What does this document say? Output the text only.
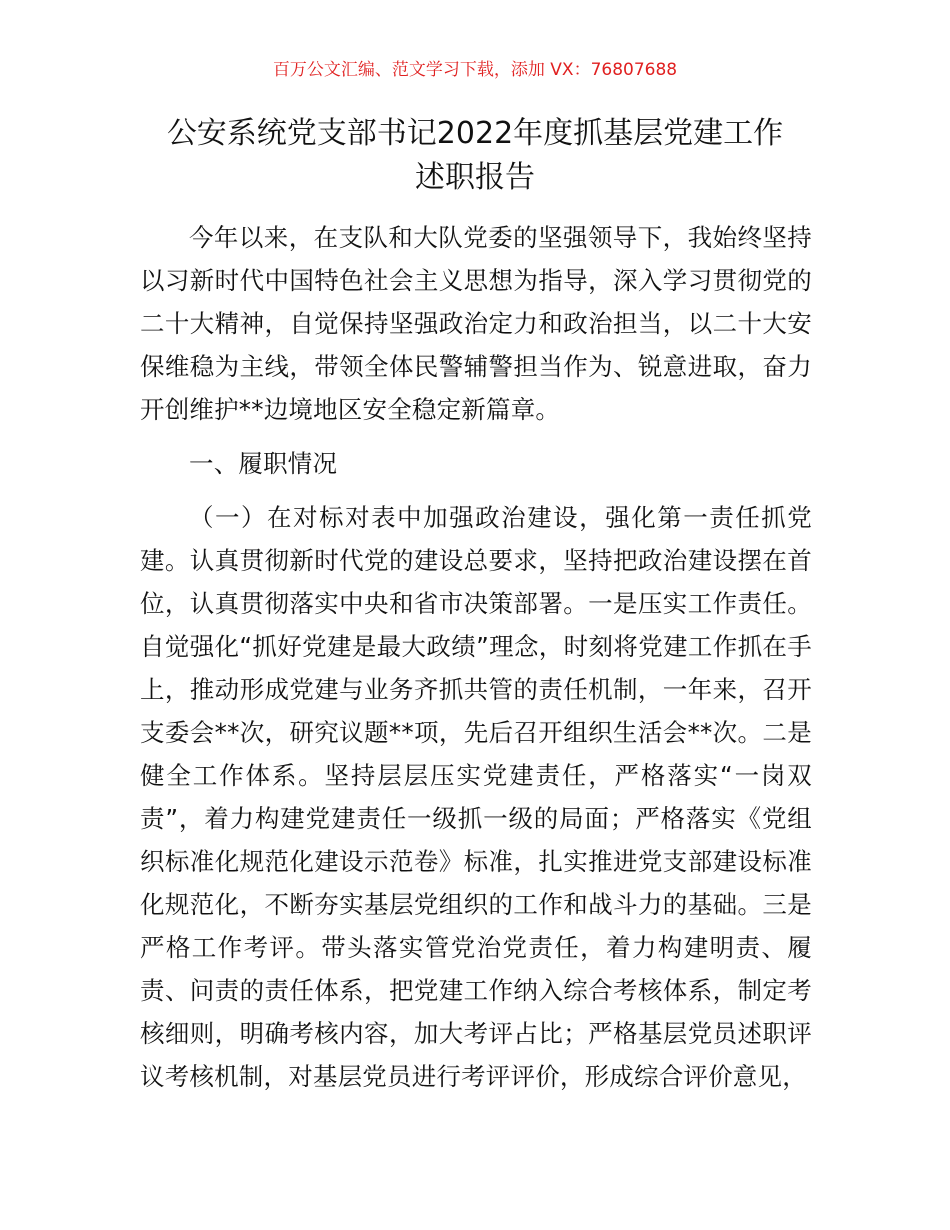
百万公文汇编、范文学习下载，添加 VX：76807688
公安系统党支部书记2022年度抓基层党建工作
述职报告

今年以来，在支队和大队党委的坚强领导下，我始终坚持以习新时代中国特色社会主义思想为指导，深入学习贯彻党的二十大精神，自觉保持坚强政治定力和政治担当，以二十大安保维稳为主线，带领全体民警辅警担当作为、锐意进取，奋力开创维护**边境地区安全稳定新篇章。

一、履职情况

（一）在对标对表中加强政治建设，强化第一责任抓党建。认真贯彻新时代党的建设总要求，坚持把政治建设摆在首位，认真贯彻落实中央和省市决策部署。一是压实工作责任。自觉强化“抓好党建是最大政绩”理念，时刻将党建工作抓在手上，推动形成党建与业务齐抓共管的责任机制，一年来，召开支委会**次，研究议题**项，先后召开组织生活会**次。二是健全工作体系。坚持层层压实党建责任，严格落实“一岗双责”，着力构建党建责任一级抓一级的局面；严格落实《党组织标准化规范化建设示范卷》标准，扎实推进党支部建设标准化规范化，不断夯实基层党组织的工作和战斗力的基础。三是严格工作考评。带头落实管党治党责任，着力构建明责、履责、问责的责任体系，把党建工作纳入综合考核体系，制定考核细则，明确考核内容，加大考评占比；严格基层党员述职评议考核机制，对基层党员进行考评评价，形成综合评价意见，
